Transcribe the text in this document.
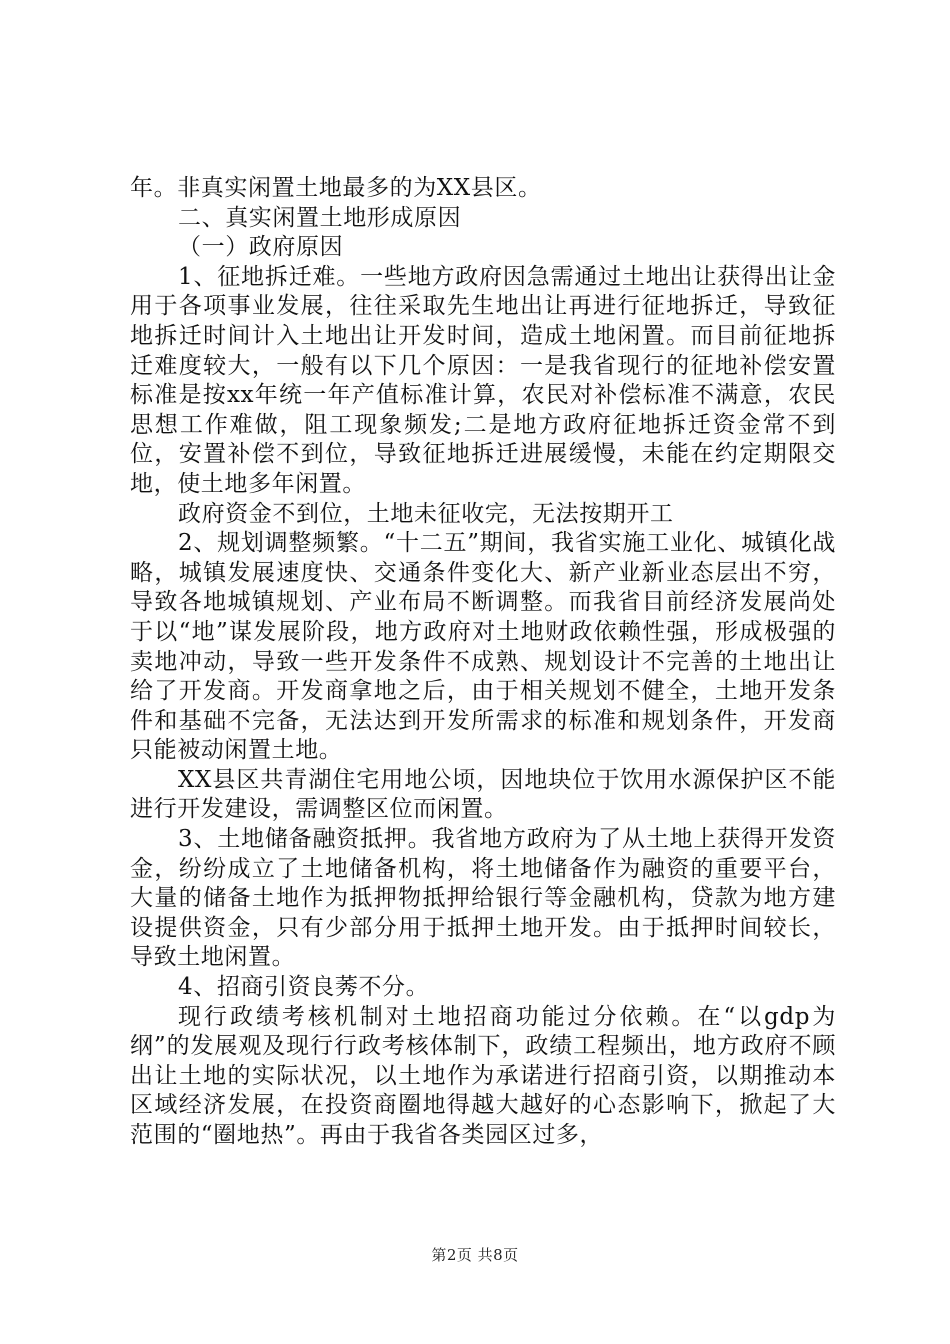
年。非真实闲置土地最多的为XX县区。

二、真实闲置土地形成原因

（一）政府原因

1、征地拆迁难。一些地方政府因急需通过土地出让获得出让金用于各项事业发展，往往采取先生地出让再进行征地拆迁，导致征地拆迁时间计入土地出让开发时间，造成土地闲置。而目前征地拆迁难度较大，一般有以下几个原因：一是我省现行的征地补偿安置标准是按xx年统一年产值标准计算，农民对补偿标准不满意，农民思想工作难做，阻工现象频发;二是地方政府征地拆迁资金常不到位，安置补偿不到位，导致征地拆迁进展缓慢，未能在约定期限交地，使土地多年闲置。

政府资金不到位，土地未征收完，无法按期开工

2、规划调整频繁。“十二五”期间，我省实施工业化、城镇化战略，城镇发展速度快、交通条件变化大、新产业新业态层出不穷，导致各地城镇规划、产业布局不断调整。而我省目前经济发展尚处于以“地”谋发展阶段，地方政府对土地财政依赖性强，形成极强的卖地冲动，导致一些开发条件不成熟、规划设计不完善的土地出让给了开发商。开发商拿地之后，由于相关规划不健全，土地开发条件和基础不完备，无法达到开发所需求的标准和规划条件，开发商只能被动闲置土地。

XX县区共青湖住宅用地公顷，因地块位于饮用水源保护区不能进行开发建设，需调整区位而闲置。

3、土地储备融资抵押。我省地方政府为了从土地上获得开发资金，纷纷成立了土地储备机构，将土地储备作为融资的重要平台，大量的储备土地作为抵押物抵押给银行等金融机构，贷款为地方建设提供资金，只有少部分用于抵押土地开发。由于抵押时间较长，导致土地闲置。

4、招商引资良莠不分。

现行政绩考核机制对土地招商功能过分依赖。在“以gdp为纲”的发展观及现行行政考核体制下，政绩工程频出，地方政府不顾出让土地的实际状况，以土地作为承诺进行招商引资，以期推动本区域经济发展，在投资商圈地得越大越好的心态影响下，掀起了大范围的“圈地热”。再由于我省各类园区过多，

第2页 共8页
